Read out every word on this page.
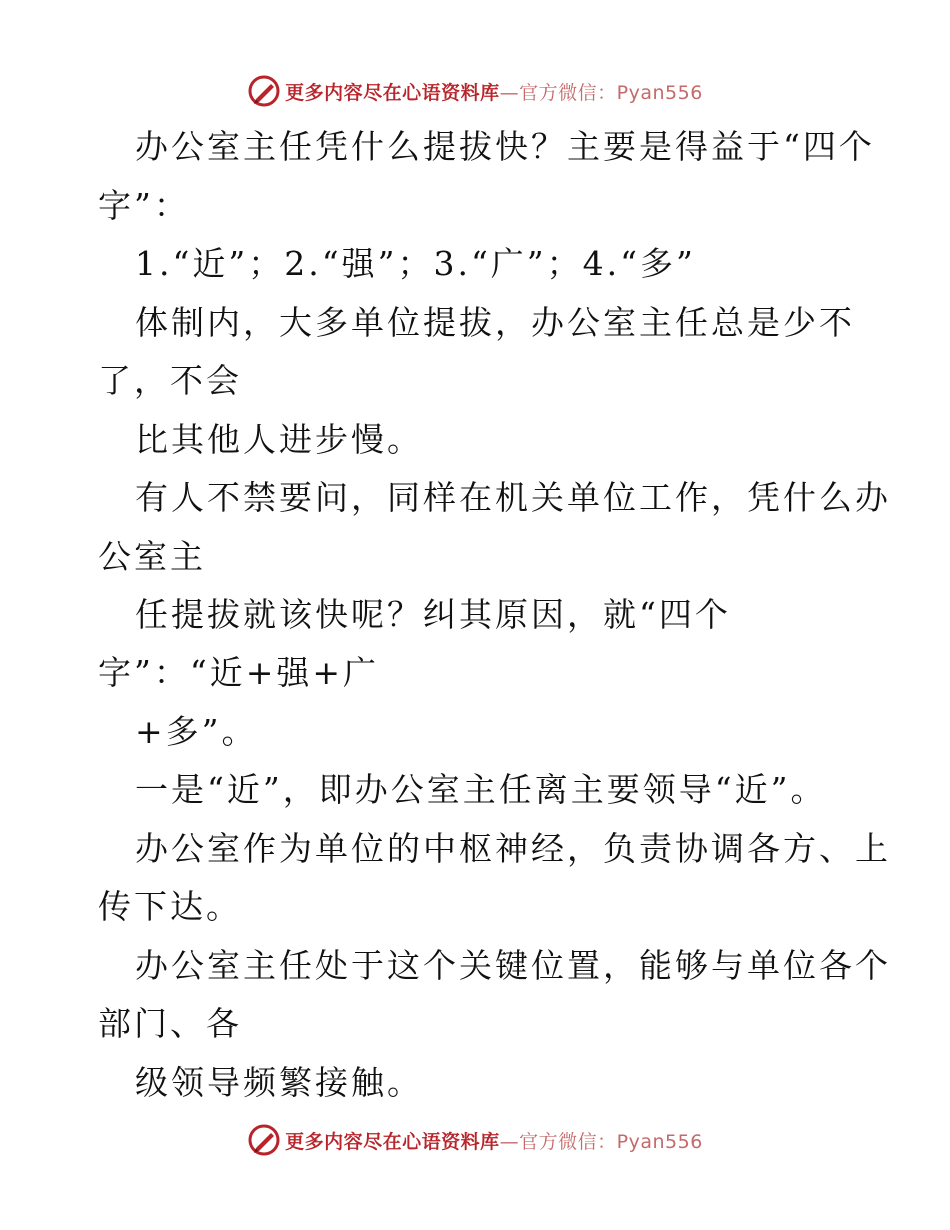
更多内容尽在心语资料库—官方微信：Pyan556
办公室主任凭什么提拔快？主要是得益于“四个
字”：
1.“近”；2.“强”；3.“广”；4.“多”
体制内，大多单位提拔，办公室主任总是少不
了，不会
比其他人进步慢。
有人不禁要问，同样在机关单位工作，凭什么办
公室主
任提拔就该快呢？纠其原因，就“四个
字”：“近+强+广
+多”。
一是“近”，即办公室主任离主要领导“近”。
办公室作为单位的中枢神经，负责协调各方、上
传下达。
办公室主任处于这个关键位置，能够与单位各个
部门、各
级领导频繁接触。
更多内容尽在心语资料库—官方微信：Pyan556
